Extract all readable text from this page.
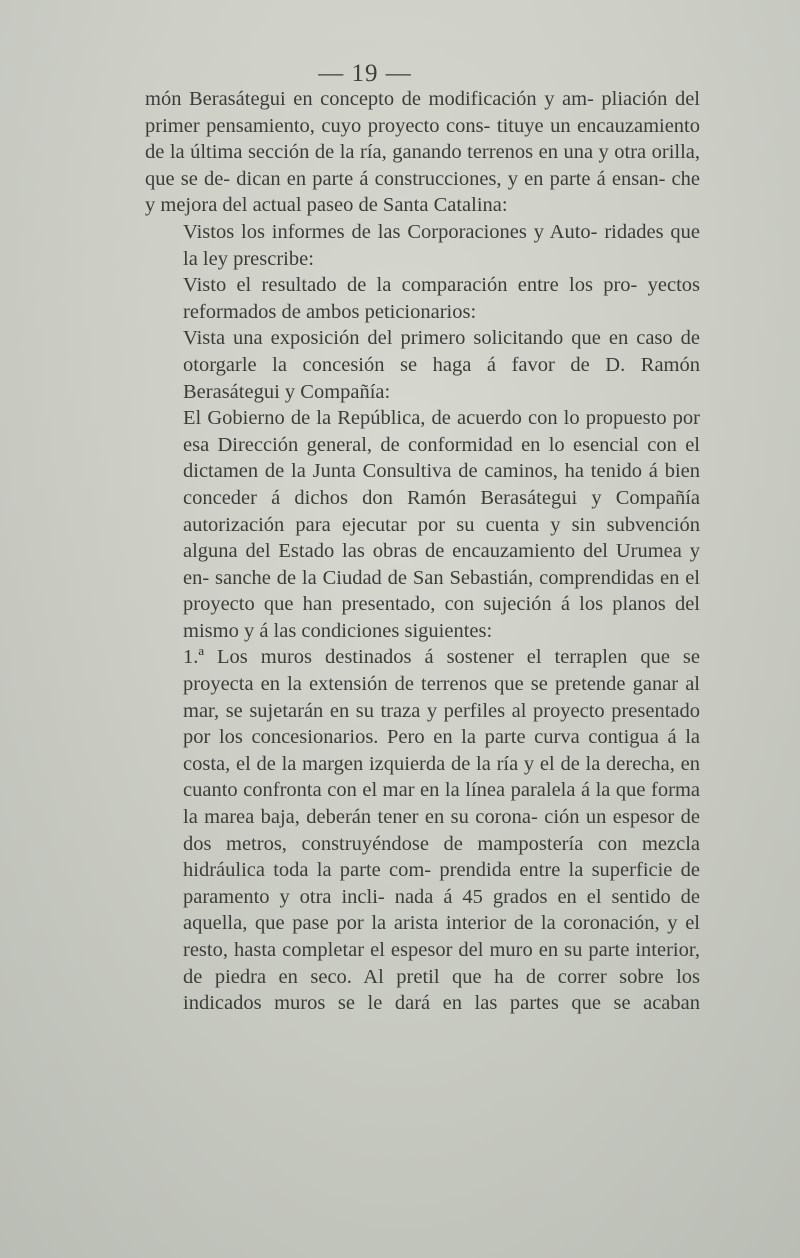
— 19 —

món Berasátegui en concepto de modificación y am- pliación del primer pensamiento, cuyo proyecto cons- tituye un encauzamiento de la última sección de la ría, ganando terrenos en una y otra orilla, que se de- dican en parte á construcciones, y en parte á ensan- che y mejora del actual paseo de Santa Catalina:

Vistos los informes de las Corporaciones y Auto- ridades que la ley prescribe:

Visto el resultado de la comparación entre los pro- yectos reformados de ambos peticionarios:

Vista una exposición del primero solicitando que en caso de otorgarle la concesión se haga á favor de D. Ramón Berasátegui y Compañía:

El Gobierno de la República, de acuerdo con lo propuesto por esa Dirección general, de conformidad en lo esencial con el dictamen de la Junta Consultiva de caminos, ha tenido á bien conceder á dichos don Ramón Berasátegui y Compañía autorización para ejecutar por su cuenta y sin subvención alguna del Estado las obras de encauzamiento del Urumea y en- sanche de la Ciudad de San Sebastián, comprendidas en el proyecto que han presentado, con sujeción á los planos del mismo y á las condiciones siguientes:

1.ª Los muros destinados á sostener el terraplen que se proyecta en la extensión de terrenos que se pretende ganar al mar, se sujetarán en su traza y perfiles al proyecto presentado por los concesionarios. Pero en la parte curva contigua á la costa, el de la margen izquierda de la ría y el de la derecha, en cuanto confronta con el mar en la línea paralela á la que forma la marea baja, deberán tener en su corona- ción un espesor de dos metros, construyéndose de mampostería con mezcla hidráulica toda la parte com- prendida entre la superficie de paramento y otra incli- nada á 45 grados en el sentido de aquella, que pase por la arista interior de la coronación, y el resto, hasta completar el espesor del muro en su parte interior, de piedra en seco. Al pretil que ha de correr sobre los indicados muros se le dará en las partes que se acaban
